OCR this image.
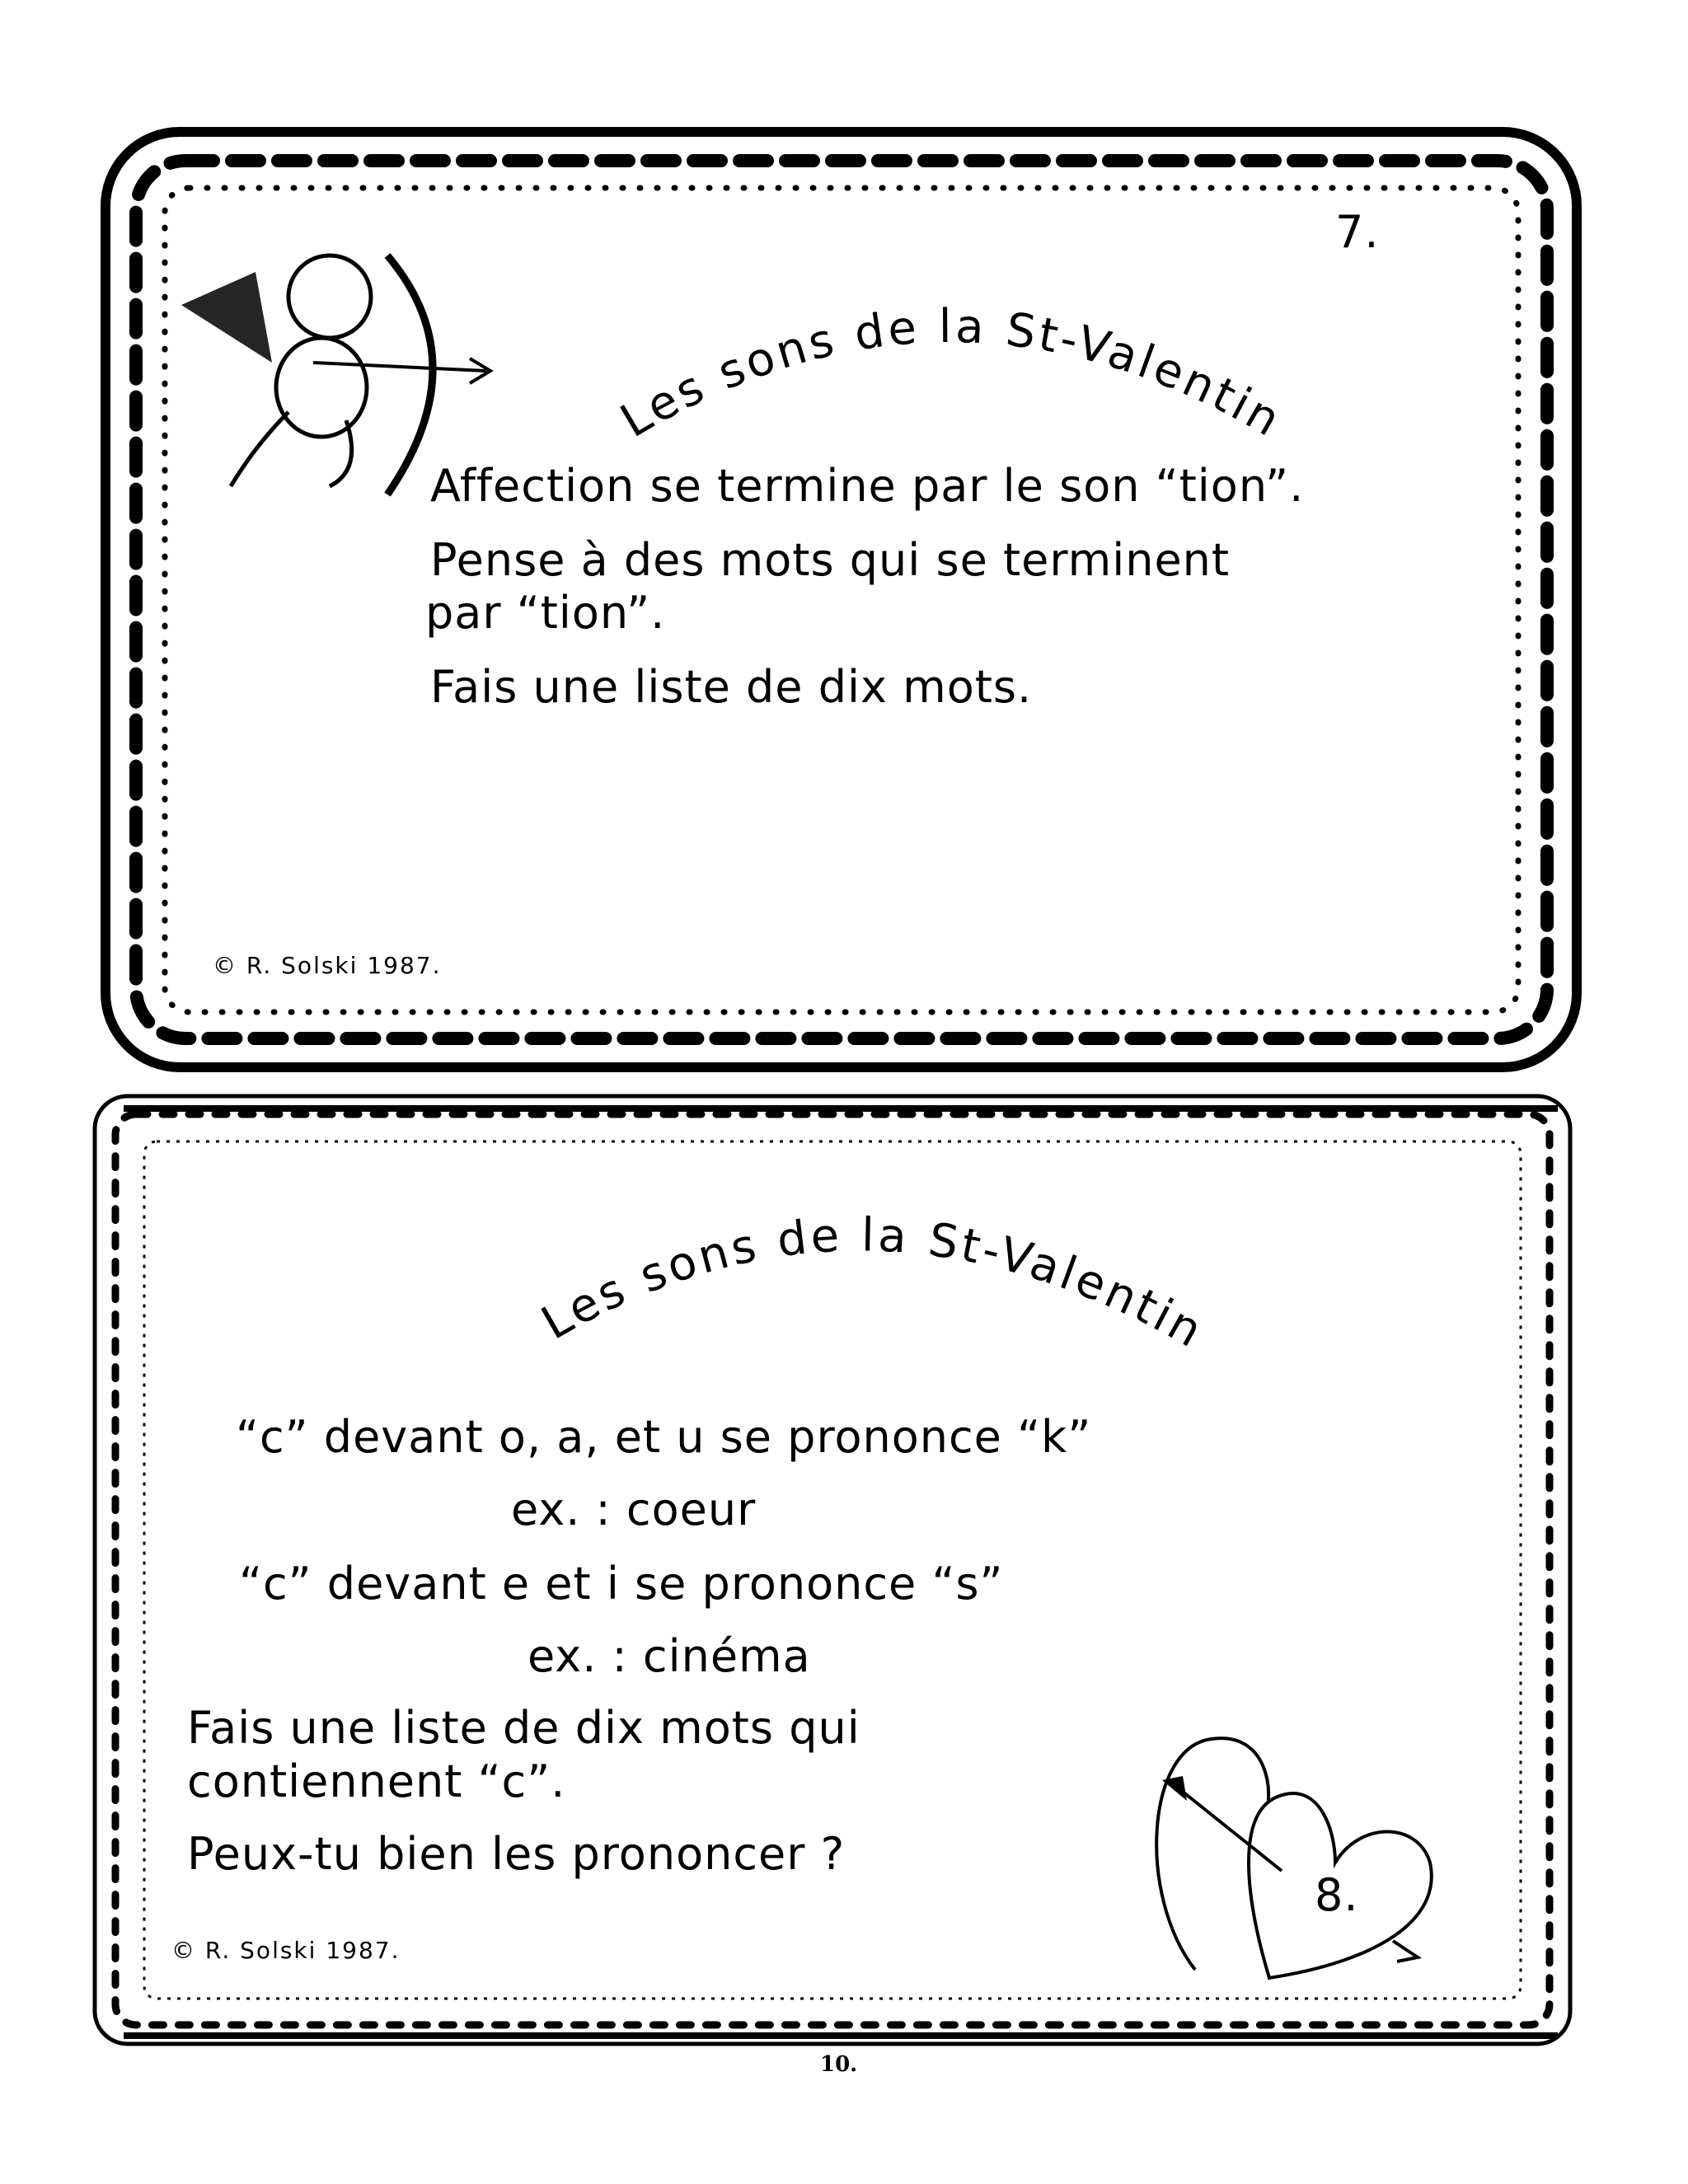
7.
Les sons de la St-Valentin
Affection se termine par le son “tion”.
Pense à des mots qui se terminent
par “tion”.
Fais une liste de dix mots.
© R. Solski 1987.
Les sons de la St-Valentin
“c” devant o, a, et u se prononce “k”
ex. : coeur
“c” devant e et i se prononce “s”
ex. : cinéma
Fais une liste de dix mots qui
contiennent “c”.
Peux-tu bien les prononcer ?
© R. Solski 1987.
8.
10.
